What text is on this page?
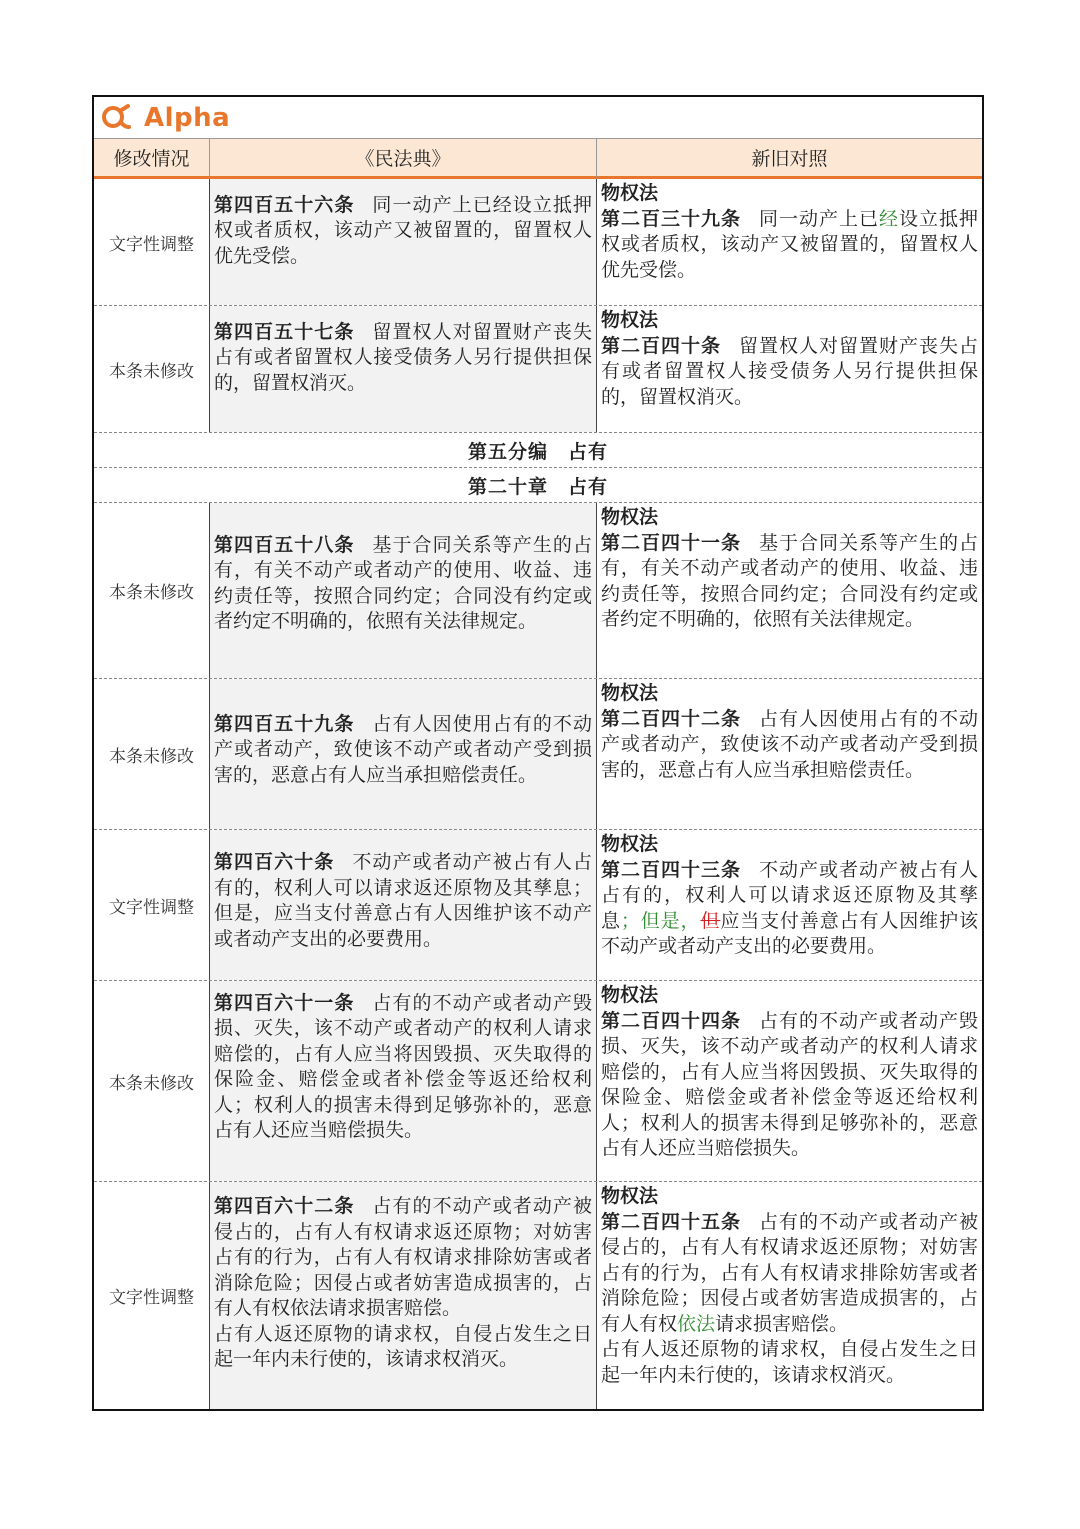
Alpha
修改情况	《民法典》	新旧对照
文字性调整
第四百五十六条 同一动产上已经设立抵押权或者质权，该动产又被留置的，留置权人优先受偿。
物权法
第二百三十九条 同一动产上已经设立抵押权或者质权，该动产又被留置的，留置权人优先受偿。
本条未修改
第四百五十七条 留置权人对留置财产丧失占有或者留置权人接受债务人另行提供担保的，留置权消灭。
物权法
第二百四十条 留置权人对留置财产丧失占有或者留置权人接受债务人另行提供担保的，留置权消灭。
第五分编　占有
第二十章　占有
本条未修改
第四百五十八条 基于合同关系等产生的占有，有关不动产或者动产的使用、收益、违约责任等，按照合同约定；合同没有约定或者约定不明确的，依照有关法律规定。
物权法
第二百四十一条 基于合同关系等产生的占有，有关不动产或者动产的使用、收益、违约责任等，按照合同约定；合同没有约定或者约定不明确的，依照有关法律规定。
本条未修改
第四百五十九条 占有人因使用占有的不动产或者动产，致使该不动产或者动产受到损害的，恶意占有人应当承担赔偿责任。
物权法
第二百四十二条 占有人因使用占有的不动产或者动产，致使该不动产或者动产受到损害的，恶意占有人应当承担赔偿责任。
文字性调整
第四百六十条 不动产或者动产被占有人占有的，权利人可以请求返还原物及其孳息；但是，应当支付善意占有人因维护该不动产或者动产支出的必要费用。
物权法
第二百四十三条 不动产或者动产被占有人占有的，权利人可以请求返还原物及其孳息；但是，但应当支付善意占有人因维护该不动产或者动产支出的必要费用。
本条未修改
第四百六十一条 占有的不动产或者动产毁损、灭失，该不动产或者动产的权利人请求赔偿的，占有人应当将因毁损、灭失取得的保险金、赔偿金或者补偿金等返还给权利人；权利人的损害未得到足够弥补的，恶意占有人还应当赔偿损失。
物权法
第二百四十四条 占有的不动产或者动产毁损、灭失，该不动产或者动产的权利人请求赔偿的，占有人应当将因毁损、灭失取得的保险金、赔偿金或者补偿金等返还给权利人；权利人的损害未得到足够弥补的，恶意占有人还应当赔偿损失。
文字性调整
第四百六十二条 占有的不动产或者动产被侵占的，占有人有权请求返还原物；对妨害占有的行为，占有人有权请求排除妨害或者消除危险；因侵占或者妨害造成损害的，占有人有权依法请求损害赔偿。
占有人返还原物的请求权，自侵占发生之日起一年内未行使的，该请求权消灭。
物权法
第二百四十五条 占有的不动产或者动产被侵占的，占有人有权请求返还原物；对妨害占有的行为，占有人有权请求排除妨害或者消除危险；因侵占或者妨害造成损害的，占有人有权依法请求损害赔偿。
占有人返还原物的请求权，自侵占发生之日起一年内未行使的，该请求权消灭。
